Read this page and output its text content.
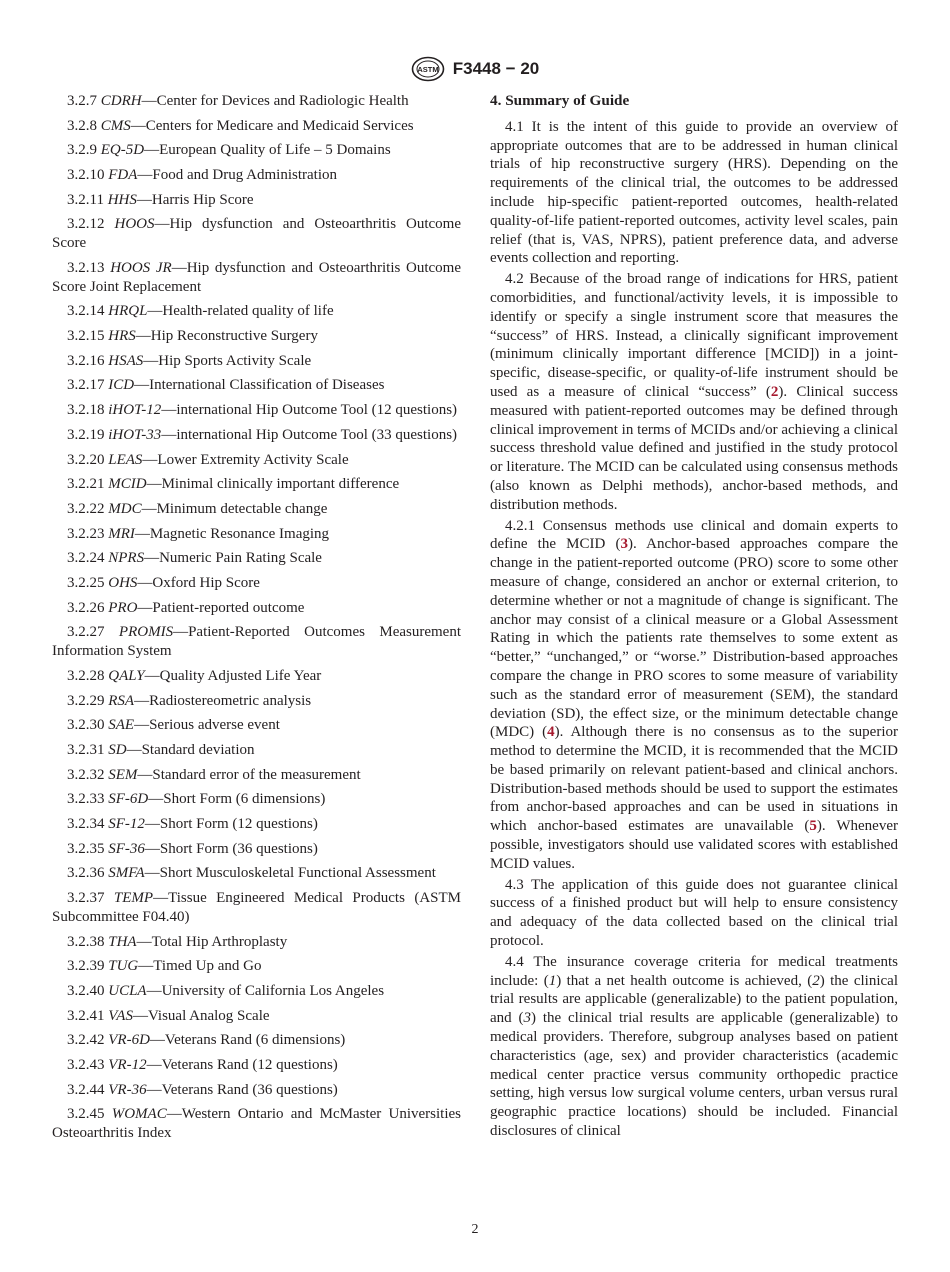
ASTM F3448 − 20

3.2.7 CDRH—Center for Devices and Radiologic Health

3.2.8 CMS—Centers for Medicare and Medicaid Services

3.2.9 EQ-5D—European Quality of Life – 5 Domains

3.2.10 FDA—Food and Drug Administration

3.2.11 HHS—Harris Hip Score

3.2.12 HOOS—Hip dysfunction and Osteoarthritis Outcome Score

3.2.13 HOOS JR—Hip dysfunction and Osteoarthritis Outcome Score Joint Replacement

3.2.14 HRQL—Health-related quality of life

3.2.15 HRS—Hip Reconstructive Surgery

3.2.16 HSAS—Hip Sports Activity Scale

3.2.17 ICD—International Classification of Diseases

3.2.18 iHOT-12—international Hip Outcome Tool (12 questions)

3.2.19 iHOT-33—international Hip Outcome Tool (33 questions)

3.2.20 LEAS—Lower Extremity Activity Scale

3.2.21 MCID—Minimal clinically important difference

3.2.22 MDC—Minimum detectable change

3.2.23 MRI—Magnetic Resonance Imaging

3.2.24 NPRS—Numeric Pain Rating Scale

3.2.25 OHS—Oxford Hip Score

3.2.26 PRO—Patient-reported outcome

3.2.27 PROMIS—Patient-Reported Outcomes Measurement Information System

3.2.28 QALY—Quality Adjusted Life Year

3.2.29 RSA—Radiostereometric analysis

3.2.30 SAE—Serious adverse event

3.2.31 SD—Standard deviation

3.2.32 SEM—Standard error of the measurement

3.2.33 SF-6D—Short Form (6 dimensions)

3.2.34 SF-12—Short Form (12 questions)

3.2.35 SF-36—Short Form (36 questions)

3.2.36 SMFA—Short Musculoskeletal Functional Assessment

3.2.37 TEMP—Tissue Engineered Medical Products (ASTM Subcommittee F04.40)

3.2.38 THA—Total Hip Arthroplasty

3.2.39 TUG—Timed Up and Go

3.2.40 UCLA—University of California Los Angeles

3.2.41 VAS—Visual Analog Scale

3.2.42 VR-6D—Veterans Rand (6 dimensions)

3.2.43 VR-12—Veterans Rand (12 questions)

3.2.44 VR-36—Veterans Rand (36 questions)

3.2.45 WOMAC—Western Ontario and McMaster Universities Osteoarthritis Index

4. Summary of Guide

4.1 It is the intent of this guide to provide an overview of appropriate outcomes that are to be addressed in human clinical trials of hip reconstructive surgery (HRS). Depending on the requirements of the clinical trial, the outcomes to be addressed include hip-specific patient-reported outcomes, health-related quality-of-life patient-reported outcomes, activity level scales, pain relief (that is, VAS, NPRS), patient preference data, and adverse events collection and reporting.

4.2 Because of the broad range of indications for HRS, patient comorbidities, and functional/activity levels, it is impossible to identify or specify a single instrument score that measures the “success” of HRS. Instead, a clinically significant improvement (minimum clinically important difference [MCID]) in a joint-specific, disease-specific, or quality-of-life instrument should be used as a measure of clinical “success” (2). Clinical success measured with patient-reported outcomes may be defined through clinical improvement in terms of MCIDs and/or achieving a clinical success threshold value defined and justified in the study protocol or literature. The MCID can be calculated using consensus methods (also known as Delphi methods), anchor-based methods, and distribution methods.

4.2.1 Consensus methods use clinical and domain experts to define the MCID (3). Anchor-based approaches compare the change in the patient-reported outcome (PRO) score to some other measure of change, considered an anchor or external criterion, to determine whether or not a magnitude of change is significant. The anchor may consist of a clinical measure or a Global Assessment Rating in which the patients rate themselves to some extent as “better,” “unchanged,” or “worse.” Distribution-based approaches compare the change in PRO scores to some measure of variability such as the standard error of measurement (SEM), the standard deviation (SD), the effect size, or the minimum detectable change (MDC) (4). Although there is no consensus as to the superior method to determine the MCID, it is recommended that the MCID be based primarily on relevant patient-based and clinical anchors. Distribution-based methods should be used to support the estimates from anchor-based approaches and can be used in situations in which anchor-based estimates are unavailable (5). Whenever possible, investigators should use validated scores with established MCID values.

4.3 The application of this guide does not guarantee clinical success of a finished product but will help to ensure consistency and adequacy of the data collected based on the clinical trial protocol.

4.4 The insurance coverage criteria for medical treatments include: (1) that a net health outcome is achieved, (2) the clinical trial results are applicable (generalizable) to the patient population, and (3) the clinical trial results are applicable (generalizable) to medical providers. Therefore, subgroup analyses based on patient characteristics (age, sex) and provider characteristics (academic medical center practice versus community orthopedic practice setting, high versus low surgical volume centers, urban versus rural geographic practice locations) should be included. Financial disclosures of clinical

2
